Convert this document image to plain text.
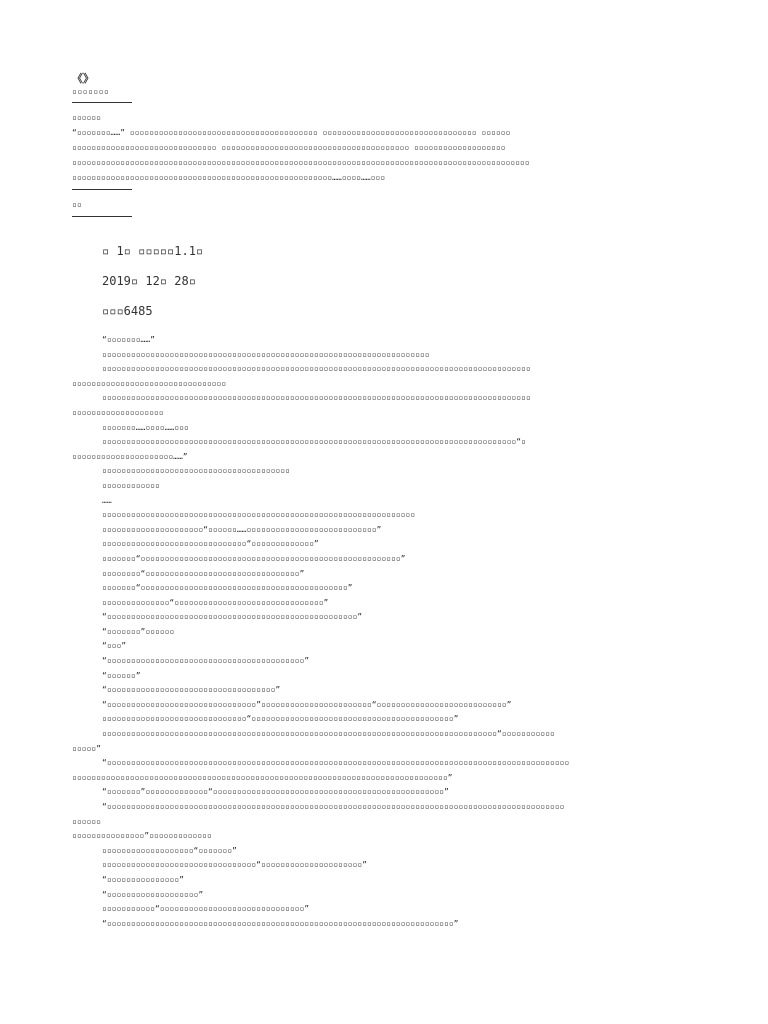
《》
▫▫▫▫▫▫▫
▫▫▫▫▫▫
“▫▫▫▫▫▫▫……” ▫▫▫▫▫▫▫▫▫▫▫▫▫▫▫▫▫▫▫▫▫▫▫▫▫▫▫▫▫▫▫▫▫▫▫▫▫▫▫ ▫▫▫▫▫▫▫▫▫▫▫▫▫▫▫▫▫▫▫▫▫▫▫▫▫▫▫▫▫▫▫▫ ▫▫▫▫▫▫
▫▫▫▫▫▫▫▫▫▫▫▫▫▫▫▫▫▫▫▫▫▫▫▫▫▫▫▫▫▫ ▫▫▫▫▫▫▫▫▫▫▫▫▫▫▫▫▫▫▫▫▫▫▫▫▫▫▫▫▫▫▫▫▫▫▫▫▫▫▫ ▫▫▫▫▫▫▫▫▫▫▫▫▫▫▫▫▫▫▫
▫▫▫▫▫▫▫▫▫▫▫▫▫▫▫▫▫▫▫▫▫▫▫▫▫▫▫▫▫▫▫▫▫▫▫▫▫▫▫▫▫▫▫▫▫▫▫▫▫▫▫▫▫▫▫▫▫▫▫▫▫▫▫▫▫▫▫▫▫▫▫▫▫▫▫▫▫▫▫▫▫▫▫▫▫▫▫▫▫▫▫▫▫▫▫
▫▫▫▫▫▫▫▫▫▫▫▫▫▫▫▫▫▫▫▫▫▫▫▫▫▫▫▫▫▫▫▫▫▫▫▫▫▫▫▫▫▫▫▫▫▫▫▫▫▫▫▫▫▫……▫▫▫▫……▫▫▫
▫▫
▫ 1▫ ▫▫▫▫▫1.1▫
2019▫ 12▫ 28▫
▫▫▫6485
“▫▫▫▫▫▫▫……”
▫▫▫▫▫▫▫▫▫▫▫▫▫▫▫▫▫▫▫▫▫▫▫▫▫▫▫▫▫▫▫▫▫▫▫▫▫▫▫▫▫▫▫▫▫▫▫▫▫▫▫▫▫▫▫▫▫▫▫▫▫▫▫▫▫▫▫▫
▫▫▫▫▫▫▫▫▫▫▫▫▫▫▫▫▫▫▫▫▫▫▫▫▫▫▫▫▫▫▫▫▫▫▫▫▫▫▫▫▫▫▫▫▫▫▫▫▫▫▫▫▫▫▫▫▫▫▫▫▫▫▫▫▫▫▫▫▫▫▫▫▫▫▫▫▫▫▫▫▫▫▫▫▫▫▫▫▫
▫▫▫▫▫▫▫▫▫▫▫▫▫▫▫▫▫▫▫▫▫▫▫▫▫▫▫▫▫▫▫▫
▫▫▫▫▫▫▫▫▫▫▫▫▫▫▫▫▫▫▫▫▫▫▫▫▫▫▫▫▫▫▫▫▫▫▫▫▫▫▫▫▫▫▫▫▫▫▫▫▫▫▫▫▫▫▫▫▫▫▫▫▫▫▫▫▫▫▫▫▫▫▫▫▫▫▫▫▫▫▫▫▫▫▫▫▫▫▫▫▫
▫▫▫▫▫▫▫▫▫▫▫▫▫▫▫▫▫▫▫
▫▫▫▫▫▫▫……▫▫▫▫……▫▫▫
▫▫▫▫▫▫▫▫▫▫▫▫▫▫▫▫▫▫▫▫▫▫▫▫▫▫▫▫▫▫▫▫▫▫▫▫▫▫▫▫▫▫▫▫▫▫▫▫▫▫▫▫▫▫▫▫▫▫▫▫▫▫▫▫▫▫▫▫▫▫▫▫▫▫▫▫▫▫▫▫▫▫▫▫▫▫“▫
▫▫▫▫▫▫▫▫▫▫▫▫▫▫▫▫▫▫▫▫▫……”
▫▫▫▫▫▫▫▫▫▫▫▫▫▫▫▫▫▫▫▫▫▫▫▫▫▫▫▫▫▫▫▫▫▫▫▫▫▫▫
▫▫▫▫▫▫▫▫▫▫▫▫
……
▫▫▫▫▫▫▫▫▫▫▫▫▫▫▫▫▫▫▫▫▫▫▫▫▫▫▫▫▫▫▫▫▫▫▫▫▫▫▫▫▫▫▫▫▫▫▫▫▫▫▫▫▫▫▫▫▫▫▫▫▫▫▫▫▫
▫▫▫▫▫▫▫▫▫▫▫▫▫▫▫▫▫▫▫▫▫“▫▫▫▫▫▫……▫▫▫▫▫▫▫▫▫▫▫▫▫▫▫▫▫▫▫▫▫▫▫▫▫▫▫”
▫▫▫▫▫▫▫▫▫▫▫▫▫▫▫▫▫▫▫▫▫▫▫▫▫▫▫▫▫▫“▫▫▫▫▫▫▫▫▫▫▫▫▫”
▫▫▫▫▫▫▫“▫▫▫▫▫▫▫▫▫▫▫▫▫▫▫▫▫▫▫▫▫▫▫▫▫▫▫▫▫▫▫▫▫▫▫▫▫▫▫▫▫▫▫▫▫▫▫▫▫▫▫▫▫▫”
▫▫▫▫▫▫▫▫“▫▫▫▫▫▫▫▫▫▫▫▫▫▫▫▫▫▫▫▫▫▫▫▫▫▫▫▫▫▫▫▫”
▫▫▫▫▫▫▫“▫▫▫▫▫▫▫▫▫▫▫▫▫▫▫▫▫▫▫▫▫▫▫▫▫▫▫▫▫▫▫▫▫▫▫▫▫▫▫▫▫▫▫”
▫▫▫▫▫▫▫▫▫▫▫▫▫▫“▫▫▫▫▫▫▫▫▫▫▫▫▫▫▫▫▫▫▫▫▫▫▫▫▫▫▫▫▫▫▫”
“▫▫▫▫▫▫▫▫▫▫▫▫▫▫▫▫▫▫▫▫▫▫▫▫▫▫▫▫▫▫▫▫▫▫▫▫▫▫▫▫▫▫▫▫▫▫▫▫▫▫▫▫”
“▫▫▫▫▫▫▫”▫▫▫▫▫▫
“▫▫▫”
“▫▫▫▫▫▫▫▫▫▫▫▫▫▫▫▫▫▫▫▫▫▫▫▫▫▫▫▫▫▫▫▫▫▫▫▫▫▫▫▫▫”
“▫▫▫▫▫▫”
“▫▫▫▫▫▫▫▫▫▫▫▫▫▫▫▫▫▫▫▫▫▫▫▫▫▫▫▫▫▫▫▫▫▫▫”
“▫▫▫▫▫▫▫▫▫▫▫▫▫▫▫▫▫▫▫▫▫▫▫▫▫▫▫▫▫▫▫”▫▫▫▫▫▫▫▫▫▫▫▫▫▫▫▫▫▫▫▫▫▫▫“▫▫▫▫▫▫▫▫▫▫▫▫▫▫▫▫▫▫▫▫▫▫▫▫▫▫▫”
▫▫▫▫▫▫▫▫▫▫▫▫▫▫▫▫▫▫▫▫▫▫▫▫▫▫▫▫▫▫“▫▫▫▫▫▫▫▫▫▫▫▫▫▫▫▫▫▫▫▫▫▫▫▫▫▫▫▫▫▫▫▫▫▫▫▫▫▫▫▫▫▫”
▫▫▫▫▫▫▫▫▫▫▫▫▫▫▫▫▫▫▫▫▫▫▫▫▫▫▫▫▫▫▫▫▫▫▫▫▫▫▫▫▫▫▫▫▫▫▫▫▫▫▫▫▫▫▫▫▫▫▫▫▫▫▫▫▫▫▫▫▫▫▫▫▫▫▫▫▫▫▫▫▫▫“▫▫▫▫▫▫▫▫▫▫▫
▫▫▫▫▫”
“▫▫▫▫▫▫▫▫▫▫▫▫▫▫▫▫▫▫▫▫▫▫▫▫▫▫▫▫▫▫▫▫▫▫▫▫▫▫▫▫▫▫▫▫▫▫▫▫▫▫▫▫▫▫▫▫▫▫▫▫▫▫▫▫▫▫▫▫▫▫▫▫▫▫▫▫▫▫▫▫▫▫▫▫▫▫▫▫▫▫▫▫▫▫▫▫
▫▫▫▫▫▫▫▫▫▫▫▫▫▫▫▫▫▫▫▫▫▫▫▫▫▫▫▫▫▫▫▫▫▫▫▫▫▫▫▫▫▫▫▫▫▫▫▫▫▫▫▫▫▫▫▫▫▫▫▫▫▫▫▫▫▫▫▫▫▫▫▫▫▫▫▫▫▫”
“▫▫▫▫▫▫▫”▫▫▫▫▫▫▫▫▫▫▫▫▫“▫▫▫▫▫▫▫▫▫▫▫▫▫▫▫▫▫▫▫▫▫▫▫▫▫▫▫▫▫▫▫▫▫▫▫▫▫▫▫▫▫▫▫▫▫▫▫▫”
“▫▫▫▫▫▫▫▫▫▫▫▫▫▫▫▫▫▫▫▫▫▫▫▫▫▫▫▫▫▫▫▫▫▫▫▫▫▫▫▫▫▫▫▫▫▫▫▫▫▫▫▫▫▫▫▫▫▫▫▫▫▫▫▫▫▫▫▫▫▫▫▫▫▫▫▫▫▫▫▫▫▫▫▫▫▫▫▫▫▫▫▫▫▫▫
▫▫▫▫▫▫
▫▫▫▫▫▫▫▫▫▫▫▫▫▫▫”▫▫▫▫▫▫▫▫▫▫▫▫▫
▫▫▫▫▫▫▫▫▫▫▫▫▫▫▫▫▫▫▫“▫▫▫▫▫▫▫”
▫▫▫▫▫▫▫▫▫▫▫▫▫▫▫▫▫▫▫▫▫▫▫▫▫▫▫▫▫▫▫▫“▫▫▫▫▫▫▫▫▫▫▫▫▫▫▫▫▫▫▫▫▫”
“▫▫▫▫▫▫▫▫▫▫▫▫▫▫▫”
“▫▫▫▫▫▫▫▫▫▫▫▫▫▫▫▫▫▫▫”
▫▫▫▫▫▫▫▫▫▫▫“▫▫▫▫▫▫▫▫▫▫▫▫▫▫▫▫▫▫▫▫▫▫▫▫▫▫▫▫▫▫”
“▫▫▫▫▫▫▫▫▫▫▫▫▫▫▫▫▫▫▫▫▫▫▫▫▫▫▫▫▫▫▫▫▫▫▫▫▫▫▫▫▫▫▫▫▫▫▫▫▫▫▫▫▫▫▫▫▫▫▫▫▫▫▫▫▫▫▫▫▫▫▫▫”
